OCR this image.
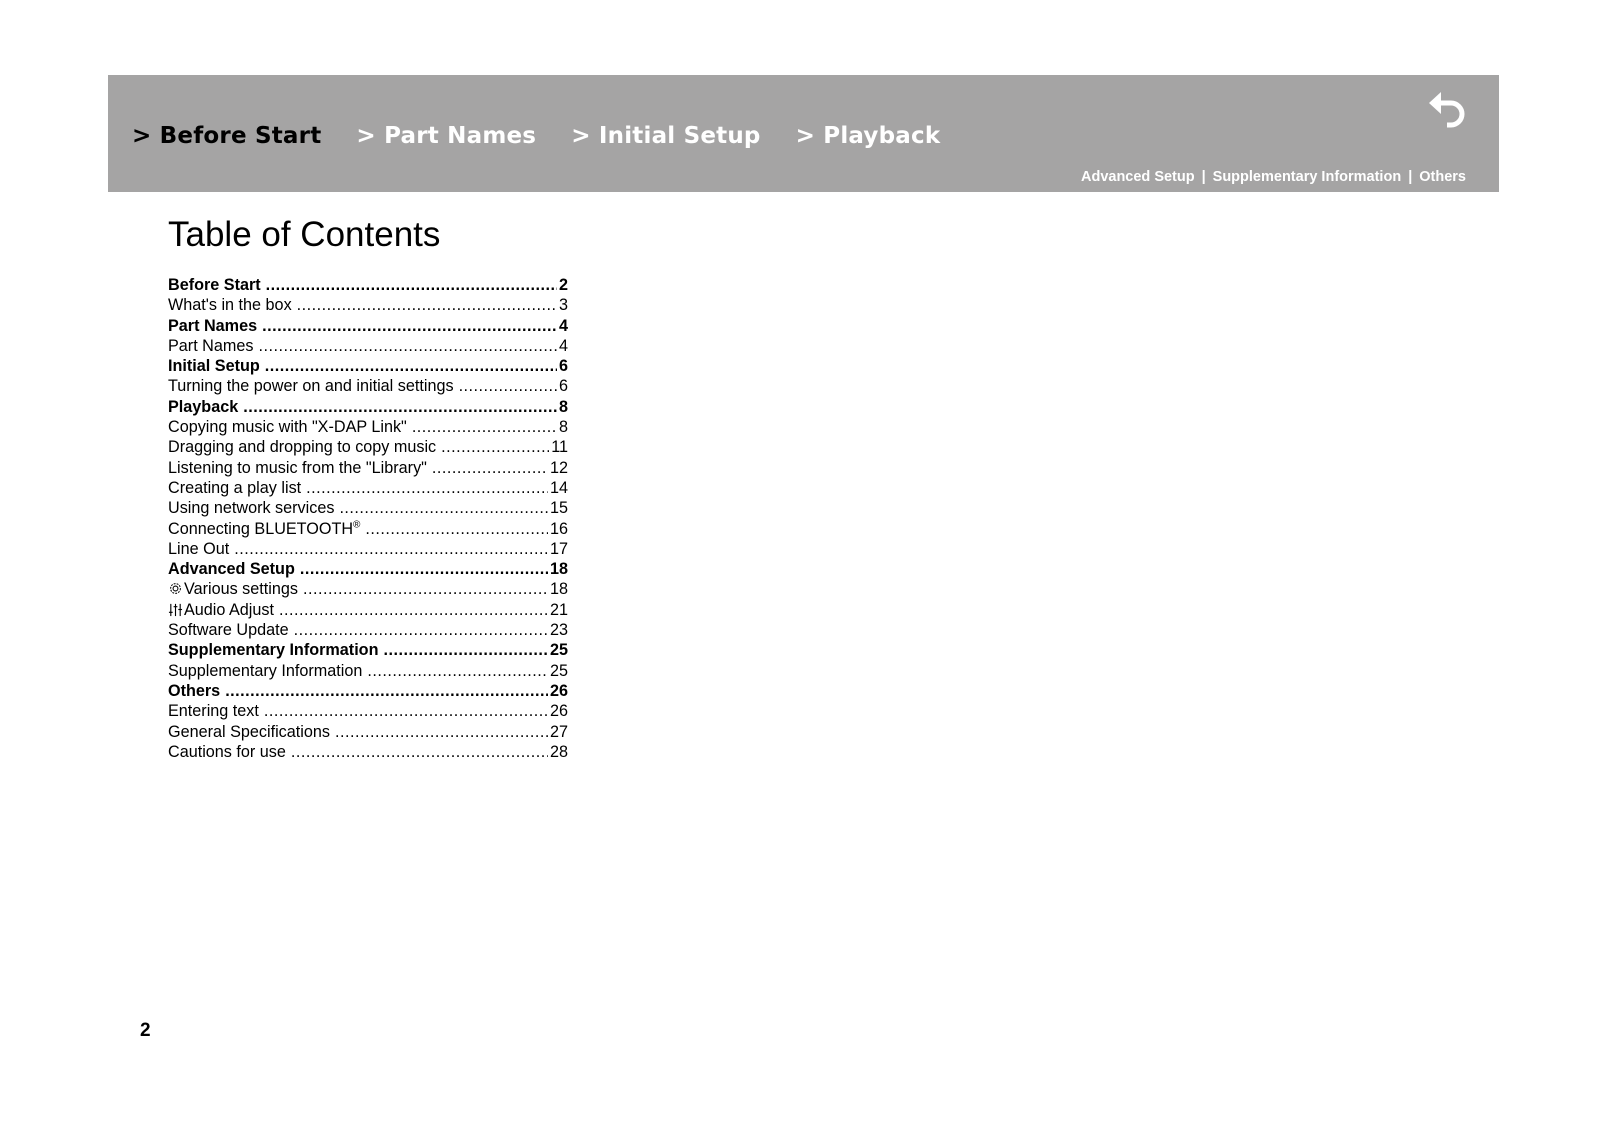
> Before Start > Part Names > Initial Setup > Playback
Advanced Setup | Supplementary Information | Others
Table of Contents
Before Start .....	2
What's in the box .....	3
Part Names .....	4
Part Names .....	4
Initial Setup .....	6
Turning the power on and initial settings .....	6
Playback .....	8
Copying music with "X-DAP Link" .....	8
Dragging and dropping to copy music .....	11
Listening to music from the "Library" .....	12
Creating a play list .....	14
Using network services .....	15
Connecting BLUETOOTH® .....	16
Line Out .....	17
Advanced Setup .....	18
Various settings .....	18
Audio Adjust .....	21
Software Update .....	23
Supplementary Information .....	25
Supplementary Information .....	25
Others .....	26
Entering text .....	26
General Specifications .....	27
Cautions for use .....	28
2
